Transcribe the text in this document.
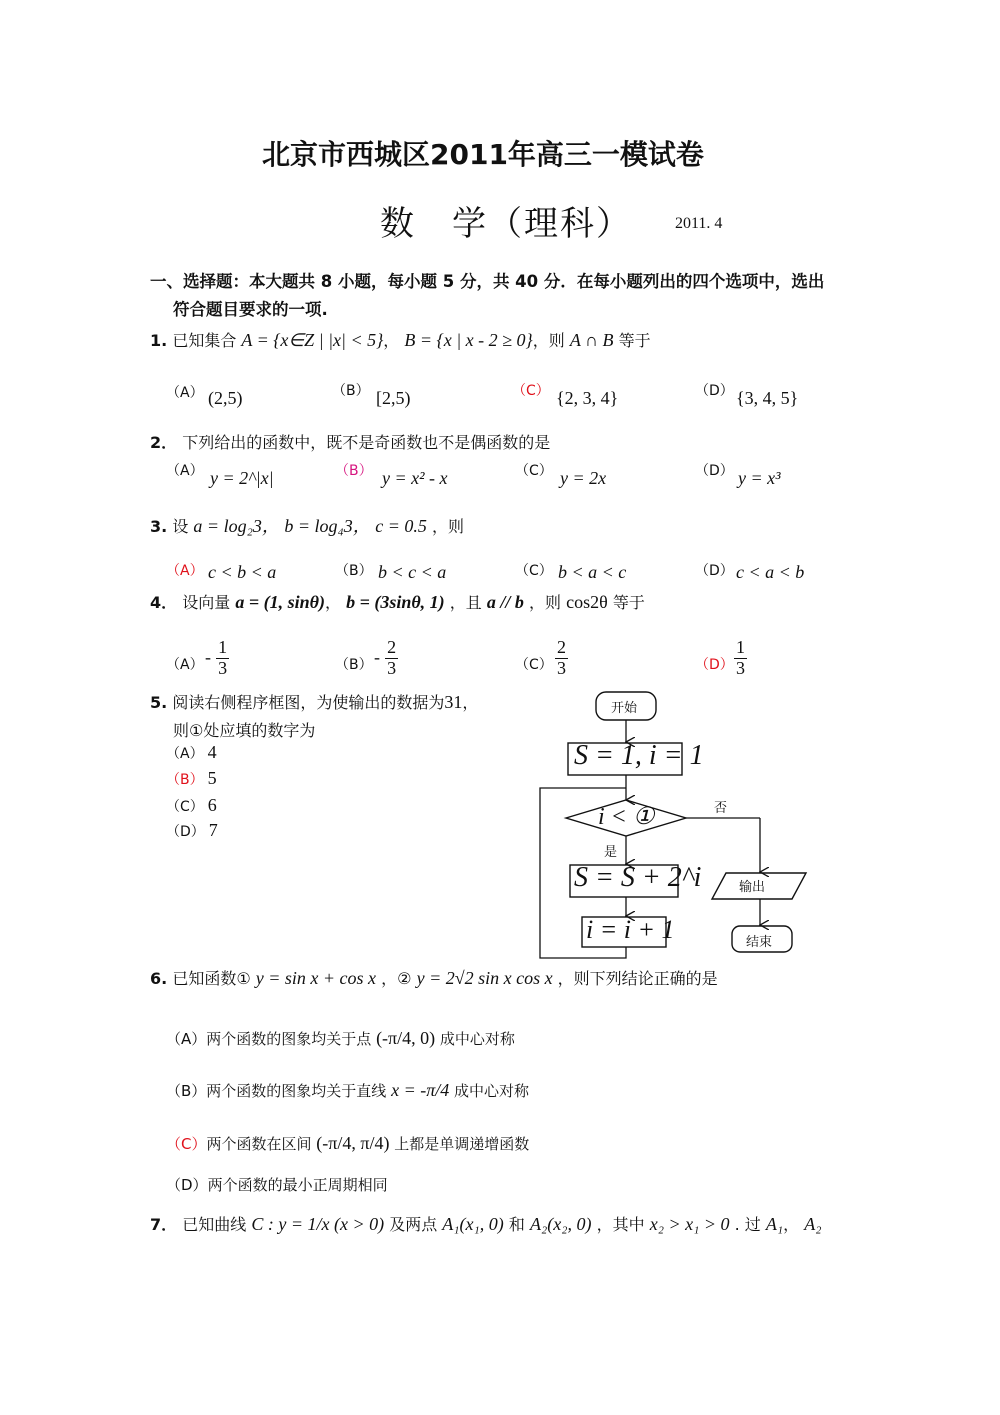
北京市西城区2011年高三一模试卷
数　学（理科）	2011. 4
一、选择题：本大题共 8 小题，每小题 5 分，共 40 分．在每小题列出的四个选项中，选出
符合题目要求的一项.
1. 已知集合 A = {x∈Z | |x| < 5}， B = {x | x - 2 ≥ 0}，则 A ∩ B 等于
（A） (2,5)	（B） [2,5)	（C） {2, 3, 4}	（D） {3, 4, 5}
2． 下列给出的函数中，既不是奇函数也不是偶函数的是
（A） y = 2^|x|	（B） y = x² - x	（C） y = 2x	（D） y = x³
3. 设 a = log₂3， b = log₄3， c = 0.5 ，则
（A） c < b < a	（B） b < c < a	（C） b < a < c	（D） c < a < b
4． 设向量 a = (1, sinθ)， b = (3sinθ, 1) ，且 a // b ，则 cos2θ 等于
$(A) - \frac{1}{3}$	$(B) - \frac{2}{3}$	$(C) \frac{2}{3}$	$(D) \frac{1}{3}$
5. 阅读右侧程序框图，为使输出的数据为31，
则①处应填的数字为
（A） 4
（B） 5
（C） 6
（D） 7
开始
S = 1, i = 1
i < ①	否
是
S = S + 2^i
i = i + 1
输出
结束
6. 已知函数① y = sin x + cos x ，② y = 2√2 sin x cos x ，则下列结论正确的是
（A）两个函数的图象均关于点 (-π/4, 0) 成中心对称
（B）两个函数的图象均关于直线 x = -π/4 成中心对称
（C）两个函数在区间 (-π/4, π/4) 上都是单调递增函数
（D）两个函数的最小正周期相同
7． 已知曲线 C : y = 1/x (x > 0) 及两点 A₁(x₁, 0) 和 A₂(x₂, 0) ，其中 x₂ > x₁ > 0 . 过 A₁， A₂
